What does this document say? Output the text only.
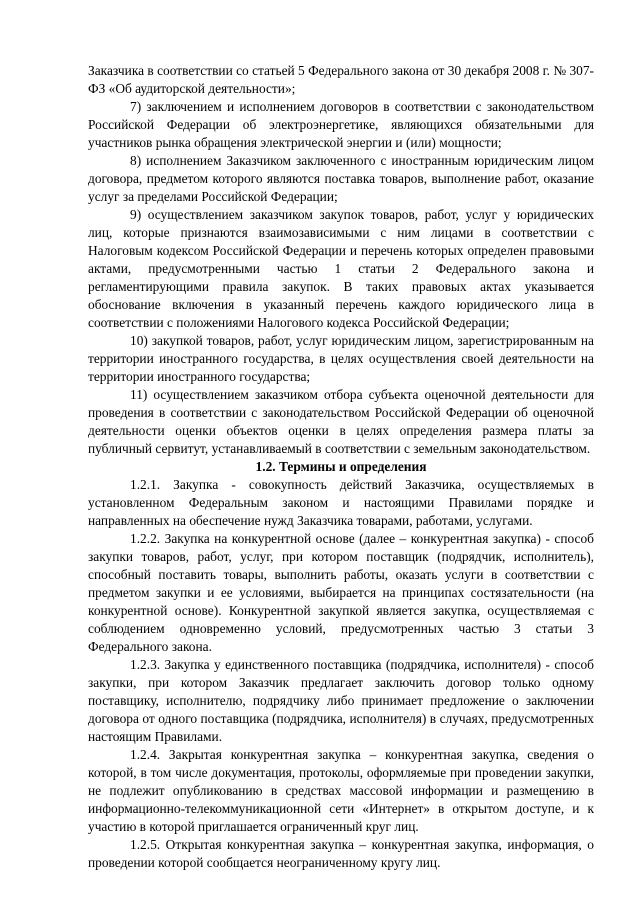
Заказчика в соответствии со статьей 5 Федерального закона от 30 декабря 2008 г. № 307-ФЗ «Об аудиторской деятельности»;

7) заключением и исполнением договоров в соответствии с законодательством Российской Федерации об электроэнергетике, являющихся обязательными для участников рынка обращения электрической энергии и (или) мощности;

8) исполнением Заказчиком заключенного с иностранным юридическим лицом договора, предметом которого являются поставка товаров, выполнение работ, оказание услуг за пределами Российской Федерации;

9) осуществлением заказчиком закупок товаров, работ, услуг у юридических лиц, которые признаются взаимозависимыми с ним лицами в соответствии с Налоговым кодексом Российской Федерации и перечень которых определен правовыми актами, предусмотренными частью 1 статьи 2 Федерального закона и регламентирующими правила закупок. В таких правовых актах указывается обоснование включения в указанный перечень каждого юридического лица в соответствии с положениями Налогового кодекса Российской Федерации;

10) закупкой товаров, работ, услуг юридическим лицом, зарегистрированным на территории иностранного государства, в целях осуществления своей деятельности на территории иностранного государства;

11) осуществлением заказчиком отбора субъекта оценочной деятельности для проведения в соответствии с законодательством Российской Федерации об оценочной деятельности оценки объектов оценки в целях определения размера платы за публичный сервитут, устанавливаемый в соответствии с земельным законодательством.

1.2. Термины и определения

1.2.1. Закупка - совокупность действий Заказчика, осуществляемых в установленном Федеральным законом и настоящими Правилами порядке и направленных на обеспечение нужд Заказчика товарами, работами, услугами.

1.2.2. Закупка на конкурентной основе (далее – конкурентная закупка) - способ закупки товаров, работ, услуг, при котором поставщик (подрядчик, исполнитель), способный поставить товары, выполнить работы, оказать услуги в соответствии с предметом закупки и ее условиями, выбирается на принципах состязательности (на конкурентной основе). Конкурентной закупкой является закупка, осуществляемая с соблюдением одновременно условий, предусмотренных частью 3 статьи 3 Федерального закона.

1.2.3. Закупка у единственного поставщика (подрядчика, исполнителя) - способ закупки, при котором Заказчик предлагает заключить договор только одному поставщику, исполнителю, подрядчику либо принимает предложение о заключении договора от одного поставщика (подрядчика, исполнителя) в случаях, предусмотренных настоящим Правилами.

1.2.4. Закрытая конкурентная закупка – конкурентная закупка, сведения о которой, в том числе документация, протоколы, оформляемые при проведении закупки, не подлежит опубликованию в средствах массовой информации и размещению в информационно-телекоммуникационной сети «Интернет» в открытом доступе, и к участию в которой приглашается ограниченный круг лиц.

1.2.5. Открытая конкурентная закупка – конкурентная закупка, информация, о проведении которой сообщается неограниченному кругу лиц.
